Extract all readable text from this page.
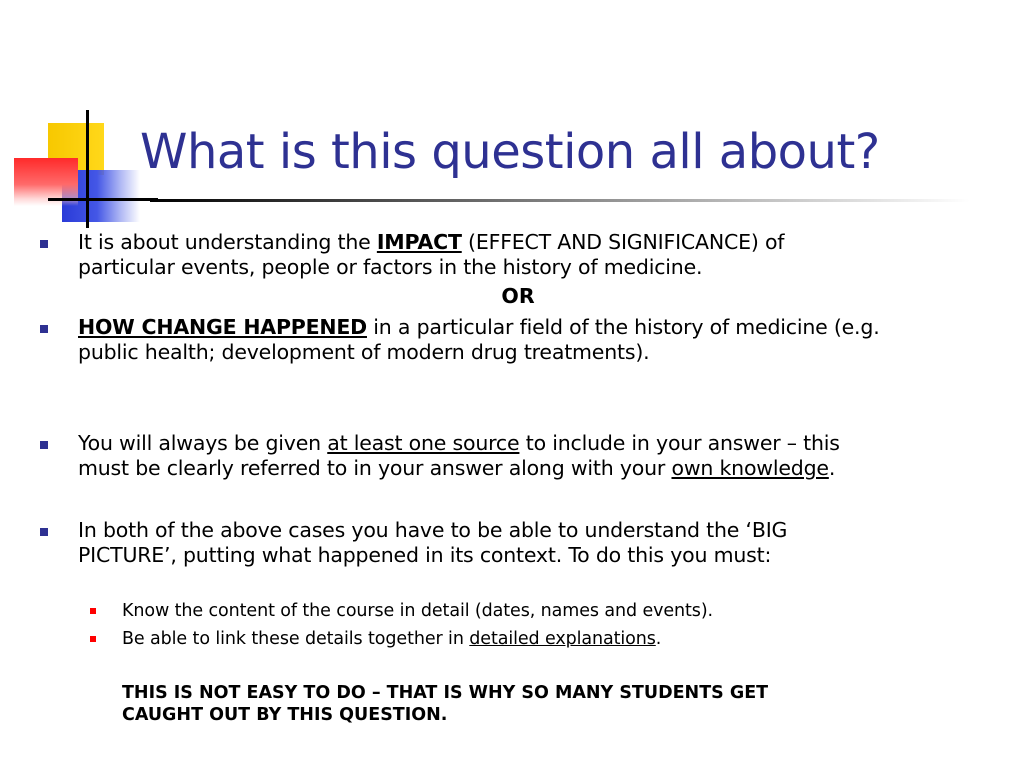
What is this question all about?
It is about understanding the IMPACT (EFFECT AND SIGNIFICANCE) of
particular events, people or factors in the history of medicine.
OR
HOW CHANGE HAPPENED in a particular field of the history of medicine (e.g.
public health; development of modern drug treatments).
You will always be given at least one source to include in your answer – this
must be clearly referred to in your answer along with your own knowledge.
In both of the above cases you have to be able to understand the ‘BIG
PICTURE’, putting what happened in its context. To do this you must:
Know the content of the course in detail (dates, names and events).
Be able to link these details together in detailed explanations.
THIS IS NOT EASY TO DO – THAT IS WHY SO MANY STUDENTS GET
CAUGHT OUT BY THIS QUESTION.
